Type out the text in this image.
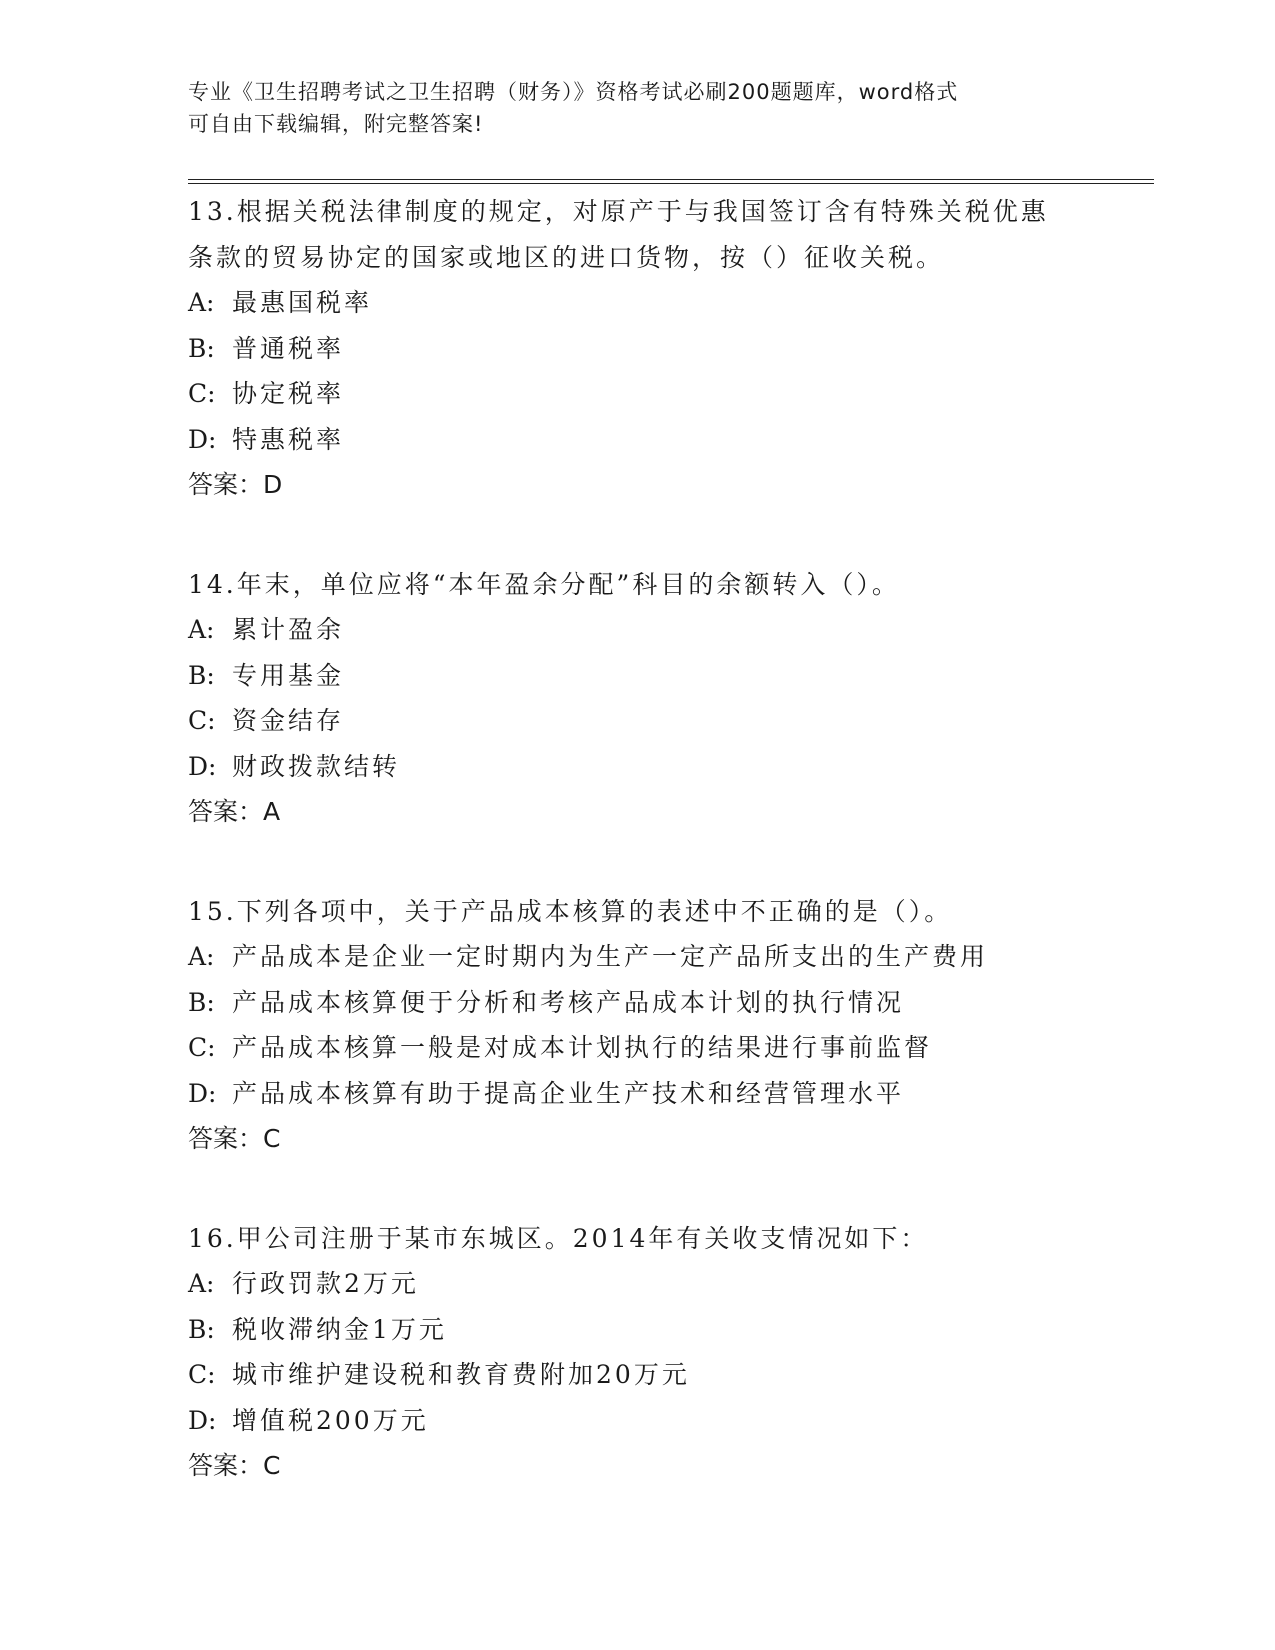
专业《卫生招聘考试之卫生招聘（财务）》资格考试必刷200题题库，word格式
可自由下载编辑，附完整答案!
13.根据关税法律制度的规定，对原产于与我国签订含有特殊关税优惠
条款的贸易协定的国家或地区的进口货物，按（）征收关税。
A: 最惠国税率
B: 普通税率
C: 协定税率
D: 特惠税率
答案：D
14.年末，单位应将“本年盈余分配”科目的余额转入（）。
A: 累计盈余
B: 专用基金
C: 资金结存
D: 财政拨款结转
答案：A
15.下列各项中，关于产品成本核算的表述中不正确的是（）。
A: 产品成本是企业一定时期内为生产一定产品所支出的生产费用
B: 产品成本核算便于分析和考核产品成本计划的执行情况
C: 产品成本核算一般是对成本计划执行的结果进行事前监督
D: 产品成本核算有助于提高企业生产技术和经营管理水平
答案：C
16.甲公司注册于某市东城区。2014年有关收支情况如下：
A: 行政罚款2万元
B: 税收滞纳金1万元
C: 城市维护建设税和教育费附加20万元
D: 增值税200万元
答案：C
